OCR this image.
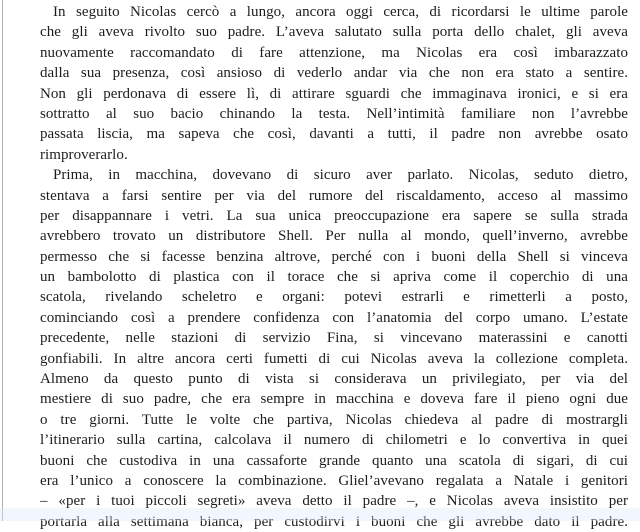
In seguito Nicolas cercò a lungo, ancora oggi cerca, di ricordarsi le ultime parole
che gli aveva rivolto suo padre. L’aveva salutato sulla porta dello chalet, gli aveva
nuovamente raccomandato di fare attenzione, ma Nicolas era così imbarazzato
dalla sua presenza, così ansioso di vederlo andar via che non era stato a sentire.
Non gli perdonava di essere lì, di attirare sguardi che immaginava ironici, e si era
sottratto al suo bacio chinando la testa. Nell’intimità familiare non l’avrebbe
passata liscia, ma sapeva che così, davanti a tutti, il padre non avrebbe osato
rimproverarlo.
Prima, in macchina, dovevano di sicuro aver parlato. Nicolas, seduto dietro,
stentava a farsi sentire per via del rumore del riscaldamento, acceso al massimo
per disappannare i vetri. La sua unica preoccupazione era sapere se sulla strada
avrebbero trovato un distributore Shell. Per nulla al mondo, quell’inverno, avrebbe
permesso che si facesse benzina altrove, perché con i buoni della Shell si vinceva
un bambolotto di plastica con il torace che si apriva come il coperchio di una
scatola, rivelando scheletro e organi: potevi estrarli e rimetterli a posto,
cominciando così a prendere confidenza con l’anatomia del corpo umano. L’estate
precedente, nelle stazioni di servizio Fina, si vincevano materassini e canotti
gonfiabili. In altre ancora certi fumetti di cui Nicolas aveva la collezione completa.
Almeno da questo punto di vista si considerava un privilegiato, per via del
mestiere di suo padre, che era sempre in macchina e doveva fare il pieno ogni due
o tre giorni. Tutte le volte che partiva, Nicolas chiedeva al padre di mostrargli
l’itinerario sulla cartina, calcolava il numero di chilometri e lo convertiva in quei
buoni che custodiva in una cassaforte grande quanto una scatola di sigari, di cui
era l’unico a conoscere la combinazione. Gliel’avevano regalata a Natale i genitori
– «per i tuoi piccoli segreti» aveva detto il padre –, e Nicolas aveva insistito per
portarla alla settimana bianca, per custodirvi i buoni che gli avrebbe dato il padre.
